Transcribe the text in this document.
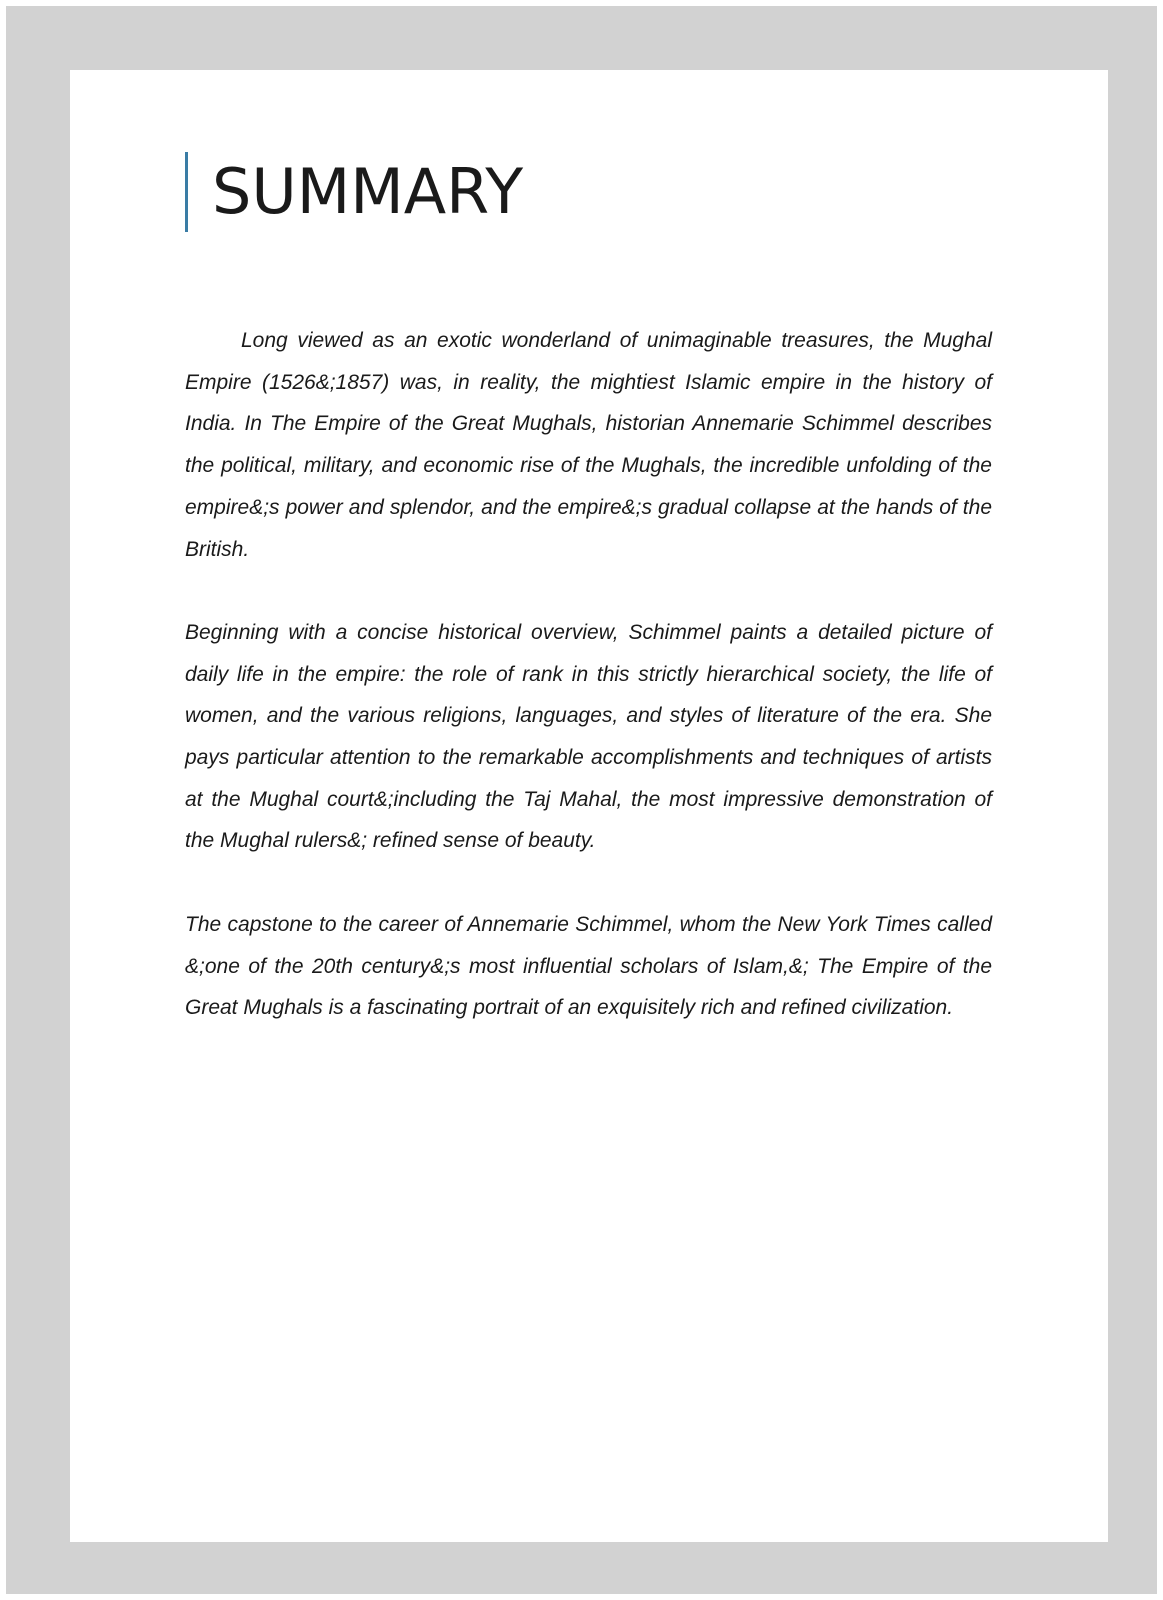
SUMMARY

Long viewed as an exotic wonderland of unimaginable treasures, the Mughal Empire (1526&;1857) was, in reality, the mightiest Islamic empire in the history of India. In The Empire of the Great Mughals, historian Annemarie Schimmel describes the political, military, and economic rise of the Mughals, the incredible unfolding of the empire&;s power and splendor, and the empire&;s gradual collapse at the hands of the British.

Beginning with a concise historical overview, Schimmel paints a detailed picture of daily life in the empire: the role of rank in this strictly hierarchical society, the life of women, and the various religions, languages, and styles of literature of the era. She pays particular attention to the remarkable accomplishments and techniques of artists at the Mughal court&;including the Taj Mahal, the most impressive demonstration of the Mughal rulers&; refined sense of beauty.

The capstone to the career of Annemarie Schimmel, whom the New York Times called &;one of the 20th century&;s most influential scholars of Islam,&; The Empire of the Great Mughals is a fascinating portrait of an exquisitely rich and refined civilization.
